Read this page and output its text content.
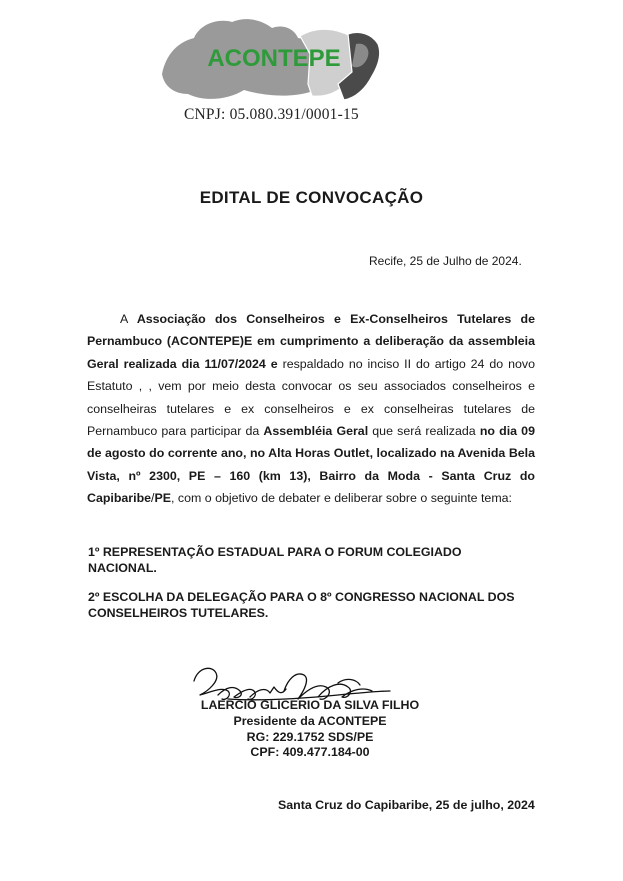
ACONTEPE
CNPJ: 05.080.391/0001-15
EDITAL DE CONVOCAÇÃO
Recife, 25 de Julho de 2024.

A Associação dos Conselheiros e Ex-Conselheiros Tutelares de Pernambuco (ACONTEPE)E em cumprimento a deliberação da assembleia Geral realizada dia 11/07/2024 e respaldado no inciso II do artigo 24 do novo Estatuto , , vem por meio desta convocar os seu associados conselheiros e conselheiras tutelares e ex conselheiros e ex conselheiras tutelares de Pernambuco para participar da Assembléia Geral que será realizada no dia 09 de agosto do corrente ano, no Alta Horas Outlet, localizado na Avenida Bela Vista, nº 2300, PE – 160 (km 13), Bairro da Moda - Santa Cruz do Capibaribe/PE, com o objetivo de debater e deliberar sobre o seguinte tema:

1º REPRESENTAÇÃO ESTADUAL PARA O FORUM COLEGIADO NACIONAL.
2º ESCOLHA DA DELEGAÇÃO PARA O 8º CONGRESSO NACIONAL DOS CONSELHEIROS TUTELARES.
LAERCIO GLICERIO DA SILVA FILHO
Presidente da ACONTEPE
RG: 229.1752 SDS/PE
CPF: 409.477.184-00
Santa Cruz do Capibaribe, 25 de julho, 2024
